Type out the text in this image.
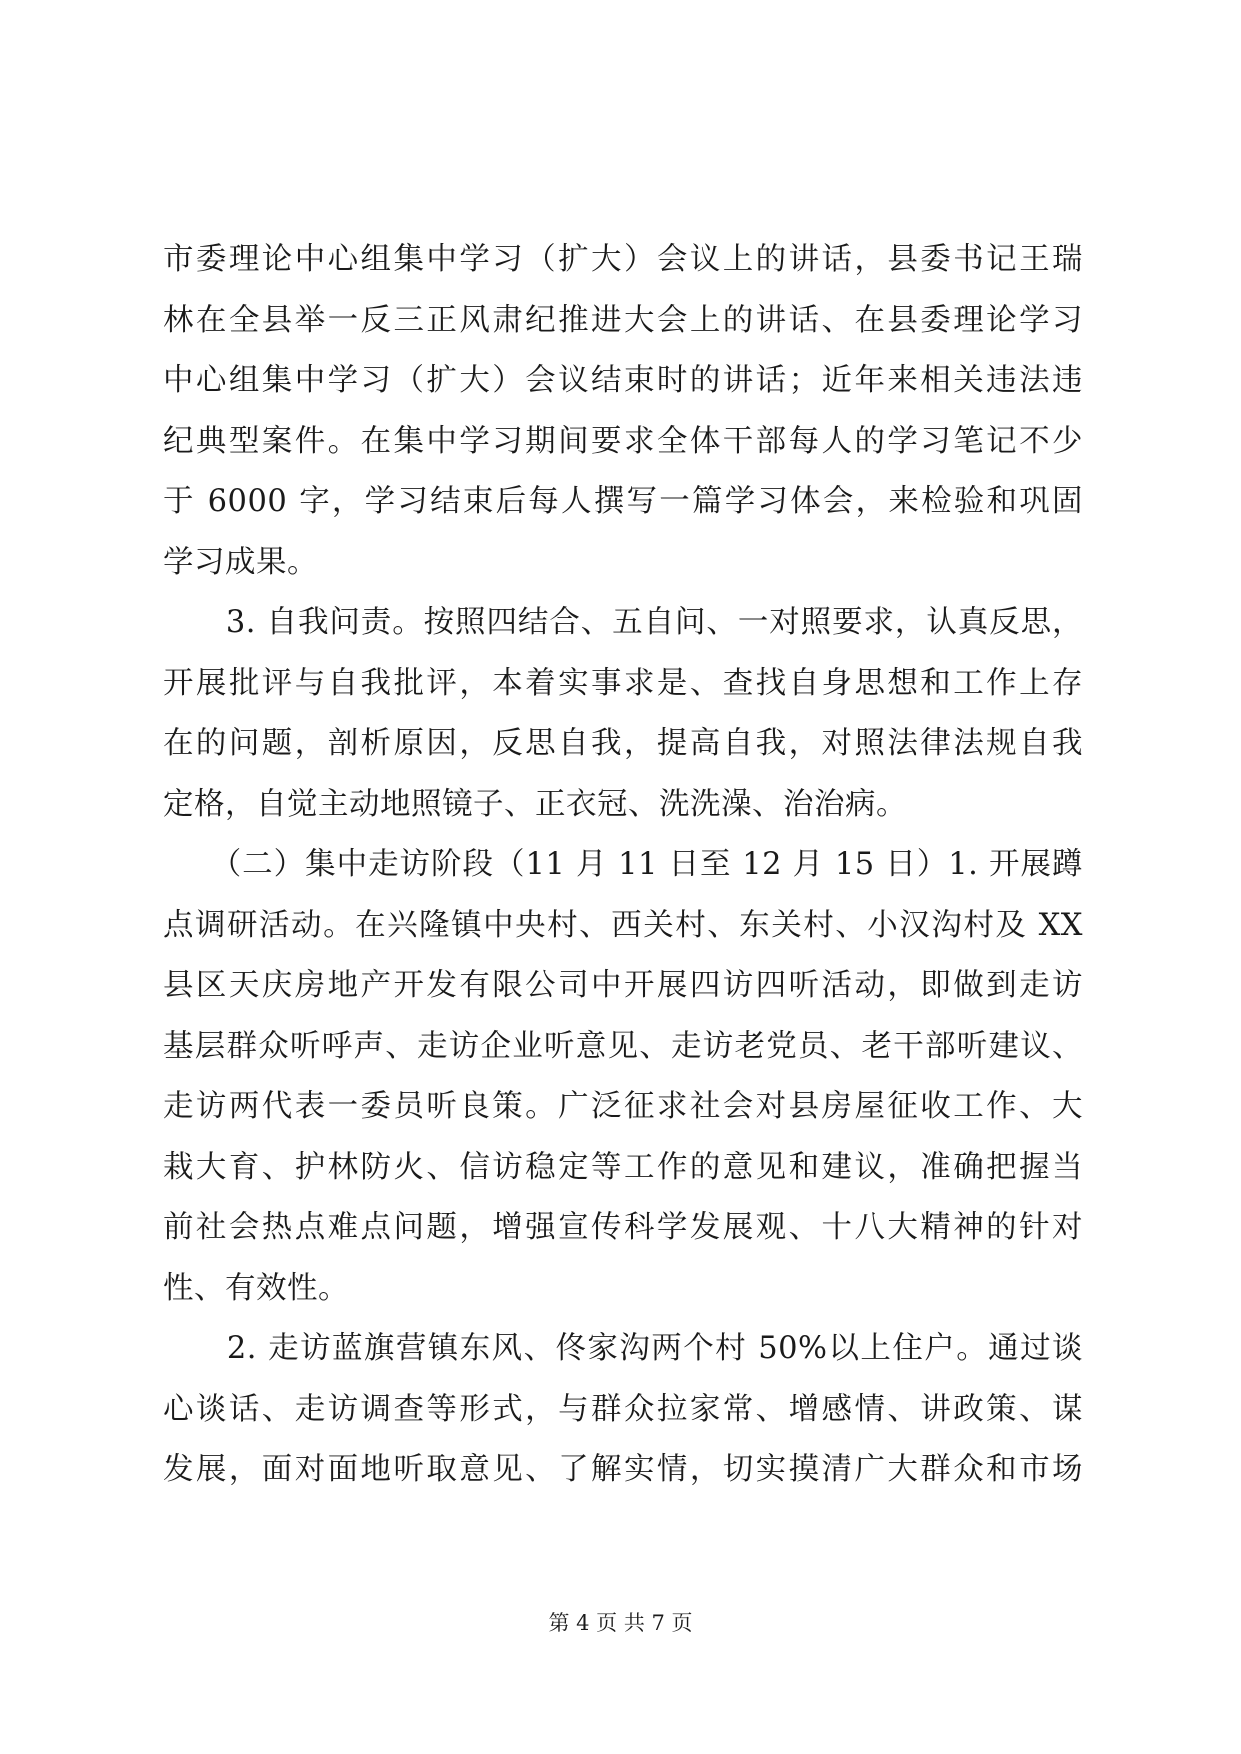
市委理论中心组集中学习（扩大）会议上的讲话，县委书记王瑞
林在全县举一反三正风肃纪推进大会上的讲话、在县委理论学习
中心组集中学习（扩大）会议结束时的讲话；近年来相关违法违
纪典型案件。在集中学习期间要求全体干部每人的学习笔记不少
于 6000 字，学习结束后每人撰写一篇学习体会，来检验和巩固
学习成果。
　　3. 自我问责。按照四结合、五自问、一对照要求，认真反思，
开展批评与自我批评，本着实事求是、查找自身思想和工作上存
在的问题，剖析原因，反思自我，提高自我，对照法律法规自我
定格，自觉主动地照镜子、正衣冠、洗洗澡、治治病。
　　（二）集中走访阶段（11 月 11 日至 12 月 15 日）1. 开展蹲
点调研活动。在兴隆镇中央村、西关村、东关村、小汉沟村及 XX
县区天庆房地产开发有限公司中开展四访四听活动，即做到走访
基层群众听呼声、走访企业听意见、走访老党员、老干部听建议、
走访两代表一委员听良策。广泛征求社会对县房屋征收工作、大
栽大育、护林防火、信访稳定等工作的意见和建议，准确把握当
前社会热点难点问题，增强宣传科学发展观、十八大精神的针对
性、有效性。
　　2. 走访蓝旗营镇东风、佟家沟两个村 50%以上住户。通过谈
心谈话、走访调查等形式，与群众拉家常、增感情、讲政策、谋
发展，面对面地听取意见、了解实情，切实摸清广大群众和市场
第 4 页 共 7 页
